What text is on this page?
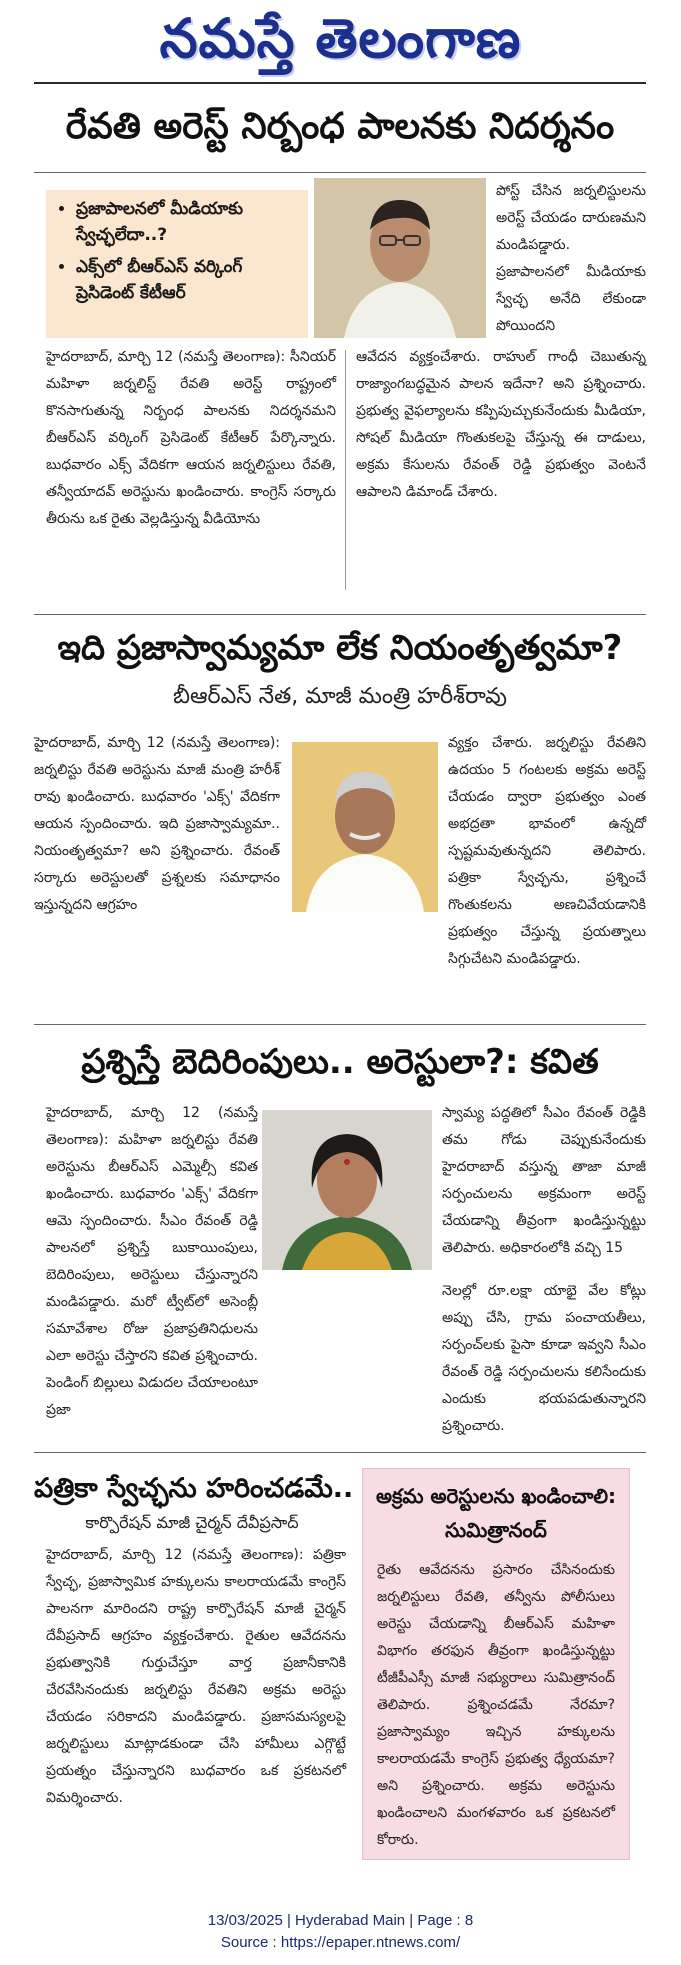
నమస్తే తెలంగాణ
రేవతి అరెస్ట్ నిర్బంధ పాలనకు నిదర్శనం
• ప్రజాపాలనలో మీడియాకు స్వేచ్ఛలేదా..?
• ఎక్స్‌లో బీఆర్‌ఎస్ వర్కింగ్ ప్రెసిడెంట్ కేటీఆర్

పోస్ట్ చేసిన జర్నలిస్టులను అరెస్ట్ చేయడం దారుణమని మండిపడ్డారు. ప్రజాపాలనలో మీడియాకు స్వేచ్ఛ అనేది లేకుండా పోయిందని

హైదరాబాద్, మార్చి 12 (నమస్తే తెలంగాణ): సీనియర్ మహిళా జర్నలిస్ట్ రేవతి అరెస్ట్ రాష్ట్రంలో కొనసాగుతున్న నిర్బంధ పాలనకు నిదర్శనమని బీఆర్‌ఎస్ వర్కింగ్ ప్రెసిడెంట్ కేటీఆర్ పేర్కొన్నారు. బుధవారం ఎక్స్ వేదికగా ఆయన జర్నలిస్టులు రేవతి, తన్వీయాదవ్ అరెస్టును ఖండించారు. కాంగ్రెస్ సర్కారు తీరును ఒక రైతు వెల్లడిస్తున్న వీడియోను

ఆవేదన వ్యక్తంచేశారు. రాహుల్ గాంధీ చెబుతున్న రాజ్యాంగబద్ధమైన పాలన ఇదేనా? అని ప్రశ్నించారు. ప్రభుత్వ వైఫల్యాలను కప్పిపుచ్చుకునేందుకు మీడియా, సోషల్ మీడియా గొంతుకలపై చేస్తున్న ఈ దాడులు, అక్రమ కేసులను రేవంత్ రెడ్డి ప్రభుత్వం వెంటనే ఆపాలని డిమాండ్ చేశారు.

ఇది ప్రజాస్వామ్యమా లేక నియంతృత్వమా?
బీఆర్‌ఎస్ నేత, మాజీ మంత్రి హరీశ్‌రావు

హైదరాబాద్, మార్చి 12 (నమస్తే తెలంగాణ): జర్నలిస్టు రేవతి అరెస్టును మాజీ మంత్రి హరీశ్ రావు ఖండించారు. బుధవారం 'ఎక్స్' వేదికగా ఆయన స్పందించారు. ఇది ప్రజాస్వామ్యమా.. నియంతృత్వమా? అని ప్రశ్నించారు. రేవంత్ సర్కారు అరెస్టులతో ప్రశ్నలకు సమాధానం ఇస్తున్నదని ఆగ్రహం

వ్యక్తం చేశారు. జర్నలిస్టు రేవతిని ఉదయం 5 గంటలకు అక్రమ అరెస్ట్ చేయడం ద్వారా ప్రభుత్వం ఎంత అభద్రతా భావంలో ఉన్నదో స్పష్టమవుతున్నదని తెలిపారు. పత్రికా స్వేచ్ఛను, ప్రశ్నించే గొంతుకలను అణచివేయడానికి ప్రభుత్వం చేస్తున్న ప్రయత్నాలు సిగ్గుచేటని మండిపడ్డారు.

ప్రశ్నిస్తే బెదిరింపులు.. అరెస్టులా?: కవిత

హైదరాబాద్, మార్చి 12 (నమస్తే తెలంగాణ): మహిళా జర్నలిస్టు రేవతి అరెస్టును బీఆర్‌ఎస్ ఎమ్మెల్సీ కవిత ఖండించారు. బుధవారం 'ఎక్స్' వేదికగా ఆమె స్పందించారు. సీఎం రేవంత్ రెడ్డి పాలనలో ప్రశ్నిస్తే బుకాయింపులు, బెదిరింపులు, అరెస్టులు చేస్తున్నారని మండిపడ్డారు. మరో ట్వీట్‌లో అసెంబ్లీ సమావేశాల రోజు ప్రజాప్రతినిధులను ఎలా అరెస్టు చేస్తారని కవిత ప్రశ్నించారు. పెండింగ్ బిల్లులు విడుదల చేయాలంటూ ప్రజా

స్వామ్య పద్ధతిలో సీఎం రేవంత్ రెడ్డికి తమ గోడు చెప్పుకునేందుకు హైదరాబాద్ వస్తున్న తాజా మాజీ సర్పంచులను అక్రమంగా అరెస్ట్ చేయడాన్ని తీవ్రంగా ఖండిస్తున్నట్టు తెలిపారు. అధికారంలోకి వచ్చి 15

నెలల్లో రూ.లక్షా యాభై వేల కోట్లు అప్పు చేసి, గ్రామ పంచాయతీలు, సర్పంచ్‌లకు పైసా కూడా ఇవ్వని సీఎం రేవంత్ రెడ్డి సర్పంచులను కలిసేందుకు ఎందుకు భయపడుతున్నారని ప్రశ్నించారు.

పత్రికా స్వేచ్ఛను హరించడమే..
కార్పొరేషన్ మాజీ చైర్మన్ దేవీప్రసాద్

హైదరాబాద్, మార్చి 12 (నమస్తే తెలంగాణ): పత్రికా స్వేచ్ఛ, ప్రజాస్వామిక హక్కులను కాలరాయడమే కాంగ్రెస్ పాలనగా మారిందని రాష్ట్ర కార్పొరేషన్ మాజీ చైర్మన్ దేవీప్రసాద్ ఆగ్రహం వ్యక్తంచేశారు. రైతుల ఆవేదనను ప్రభుత్వానికి గుర్తుచేస్తూ వార్త ప్రజానీకానికి చేరవేసినందుకు జర్నలిస్టు రేవతిని అక్రమ అరెస్టు చేయడం సరికాదని మండిపడ్డారు. ప్రజాసమస్యలపై జర్నలిస్టులు మాట్లాడకుండా చేసి హామీలు ఎగ్గొట్టే ప్రయత్నం చేస్తున్నారని బుధవారం ఒక ప్రకటనలో విమర్శించారు.

అక్రమ అరెస్టులను ఖండించాలి: సుమిత్రానంద్

రైతు ఆవేదనను ప్రసారం చేసినందుకు జర్నలిస్టులు రేవతి, తన్వీను పోలీసులు అరెస్టు చేయడాన్ని బీఆర్‌ఎస్ మహిళా విభాగం తరఫున తీవ్రంగా ఖండిస్తున్నట్టు టీజీపీఎస్సీ మాజీ సభ్యురాలు సుమిత్రానంద్ తెలిపారు. ప్రశ్నించడమే నేరమా? ప్రజాస్వామ్యం ఇచ్చిన హక్కులను కాలరాయడమే కాంగ్రెస్ ప్రభుత్వ ధ్యేయమా? అని ప్రశ్నించారు. అక్రమ అరెస్టును ఖండించాలని మంగళవారం ఒక ప్రకటనలో కోరారు.

13/03/2025 | Hyderabad Main | Page : 8
Source : https://epaper.ntnews.com/
